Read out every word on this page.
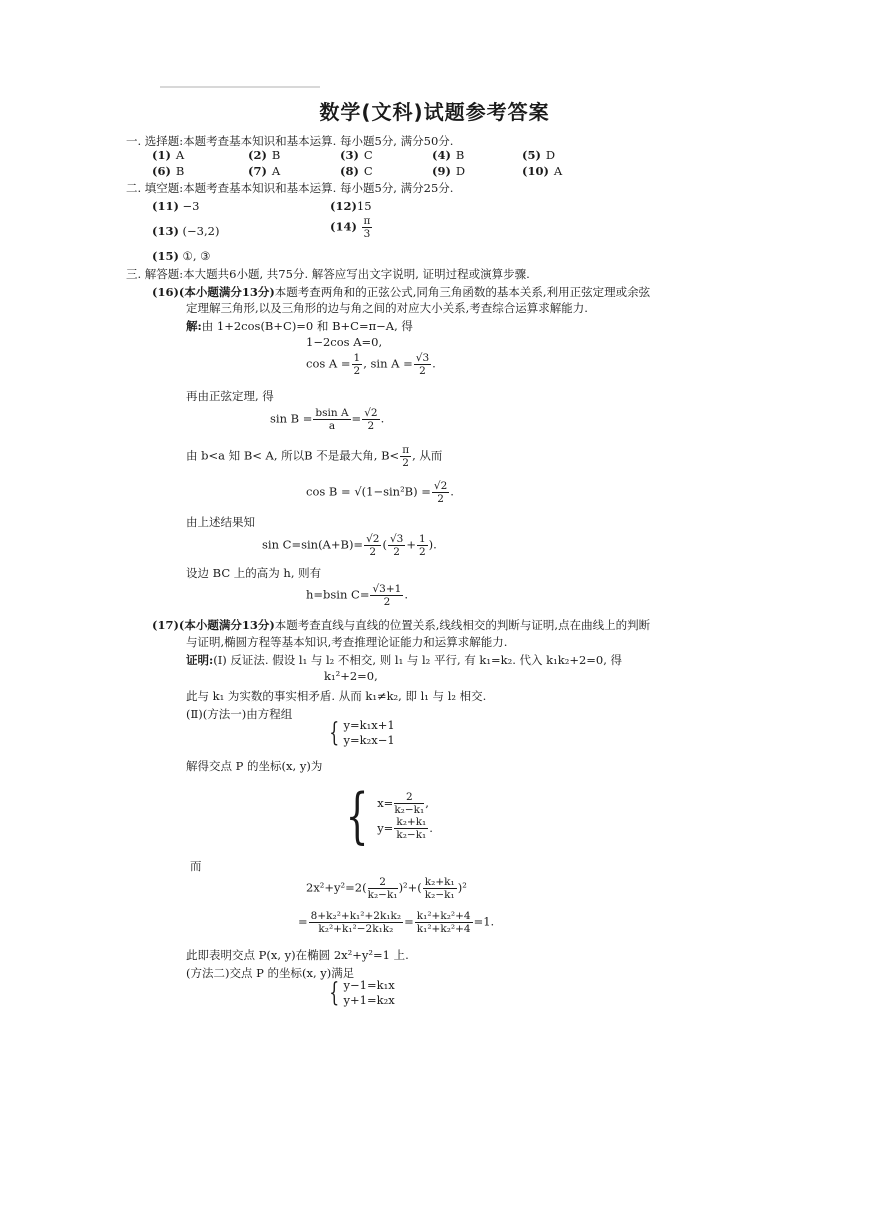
数学(文科)试题参考答案
一. 选择题:本题考查基本知识和基本运算. 每小题5分, 满分50分.
(1) A	(2) B	(3) C	(4) B	(5) D
(6) B	(7) A	(8) C	(9) D	(10) A
二. 填空题:本题考查基本知识和基本运算. 每小题5分, 满分25分.
(11) −3	(12)15
(13) (−3,2)	$(14) \frac{\pi}{3}$
(15) ①, ③
三. 解答题:本大题共6小题, 共75分. 解答应写出文字说明, 证明过程或演算步骤.
(16)(本小题满分13分)本题考查两角和的正弦公式,同角三角函数的基本关系,利用正弦定理或余弦
定理解三角形,以及三角形的边与角之间的对应大小关系,考查综合运算求解能力.
解:由 1+2cos(B+C)=0 和 B+C=π−A, 得
1−2cos A=0,
$\cos A = \frac{1}{2}$ , $\sin A = \frac{√3}{2}$ .
再由正弦定理, 得
$\sin B = \frac{\text{bsin A}}{a} = \frac{√2}{2}$ .
由 b<a 知 B< A, 所以B 不是最大角, $B< \frac{\pi}{2}$ , 从而
$\cos B = √(1-\sin^2B) = \frac{√2}{2}$ .
由上述结果知
$\sin C=\sin(A+B)= \frac{√2}{2}$ ( $\frac{√3}{2} + \frac{1}{2}$ ).
设边 BC 上的高为 h, 则有
h=bsin $C= \frac{√3+1}{2}$ .
(17)(本小题满分13分)本题考查直线与直线的位置关系,线线相交的判断与证明,点在曲线上的判断
与证明,椭圆方程等基本知识,考查推理论证能力和运算求解能力.
证明:(Ⅰ) 反证法. 假设 l₁ 与 l₂ 不相交, 则 l₁ 与 l₂ 平行, 有 k₁=k₂. 代入 k₁k₂+2=0, 得
k₁²+2=0,
此与 k₁ 为实数的事实相矛盾. 从而 k₁≠k₂, 即 l₁ 与 l₂ 相交.
(Ⅱ)(方法一)由方程组
{ y=k₁x+1
y=k₂x−1
解得交点 P 的坐标(x, y)为
{ $x= \frac{2}{\text{k₂−k₁}}$ ,
$y= \frac{\text{k₂+k₁}}{\text{k₂−k₁}}$ .
而
$2x^2+y^2=2( \frac{2}{\text{k₂−k₁}} )^2+( \frac{\text{k₂+k₁}}{\text{k₂−k₁}} )^2$
= $\frac{\text{8+k₂²+k₁²+2k₁k₂}}{\text{k₂²+k₁²−2k₁k₂}} = \frac{\text{k₁²+k₂²+4}}{\text{k₁²+k₂²+4}} =1$.
此即表明交点 P(x, y)在椭圆 2x²+y²=1 上.
(方法二)交点 P 的坐标(x, y)满足
{ y−1=k₁x
y+1=k₂x
